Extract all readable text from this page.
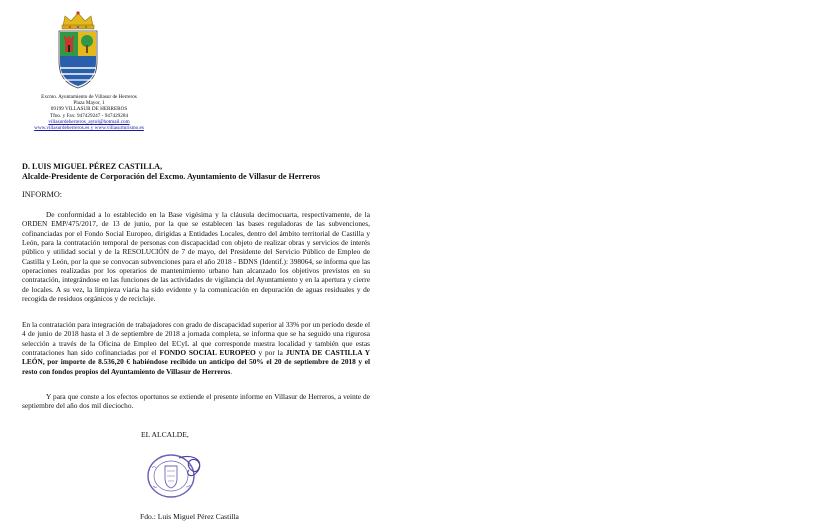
Excmo. Ayuntamiento de Villasur de Herreros
Plaza Mayor, 1
09199 VILLASUR DE HERREROS
Tfno. y Fax: 947429247 - 947429284
villasurdeherreros_aytol@hotmail.com
www.villasurdeherreros.es y www.villasurturismo.es
D. LUIS MIGUEL PÉREZ CASTILLA,
Alcalde-Presidente de Corporación del Excmo. Ayuntamiento de Villasur de Herreros
INFORMO:
De conformidad a lo establecido en la Base vigésima y la cláusula decimocuarta, respectivamente, de la ORDEN EMP/475/2017, de 13 de junio, por la que se establecen las bases reguladoras de las subvenciones, cofinanciadas por el Fondo Social Europeo, dirigidas a Entidades Locales, dentro del ámbito territorial de Castilla y León, para la contratación temporal de personas con discapacidad con objeto de realizar obras y servicios de interés público y utilidad social y de la RESOLUCIÓN de 7 de mayo, del Presidente del Servicio Público de Empleo de Castilla y León, por la que se convocan subvenciones para el año 2018 - BDNS (Identif.): 398064, se informa que las operaciones realizadas por los operarios de mantenimiento urbano han alcanzado los objetivos previstos en su contratación, integrándose en las funciones de las actividades de vigilancia del Ayuntamiento y en la apertura y cierre de locales. A su vez, la limpieza viaria ha sido evidente y la comunicación en depuración de aguas residuales y de recogida de residuos orgánicos y de reciclaje.
En la contratación para integración de trabajadores con grado de discapacidad superior al 33% por un período desde el 4 de junio de 2018 hasta el 3 de septiembre de 2018 a jornada completa, se informa que se ha seguido una rigurosa selección a través de la Oficina de Empleo del ECyL al que corresponde nuestra localidad y también que estas contrataciones han sido cofinanciadas por el FONDO SOCIAL EUROPEO y por la JUNTA DE CASTILLA Y LEÓN, por importe de 8.536,20 € habiéndose recibido un anticipo del 50% el 20 de septiembre de 2018 y el resto con fondos propios del Ayuntamiento de Villasur de Herreros.
Y para que conste a los efectos oportunos se extiende el presente informe en Villasur de Herreros, a veinte de septiembre del año dos mil dieciocho.
EL ALCALDE,
Fdo.: Luis Miguel Pérez Castilla
